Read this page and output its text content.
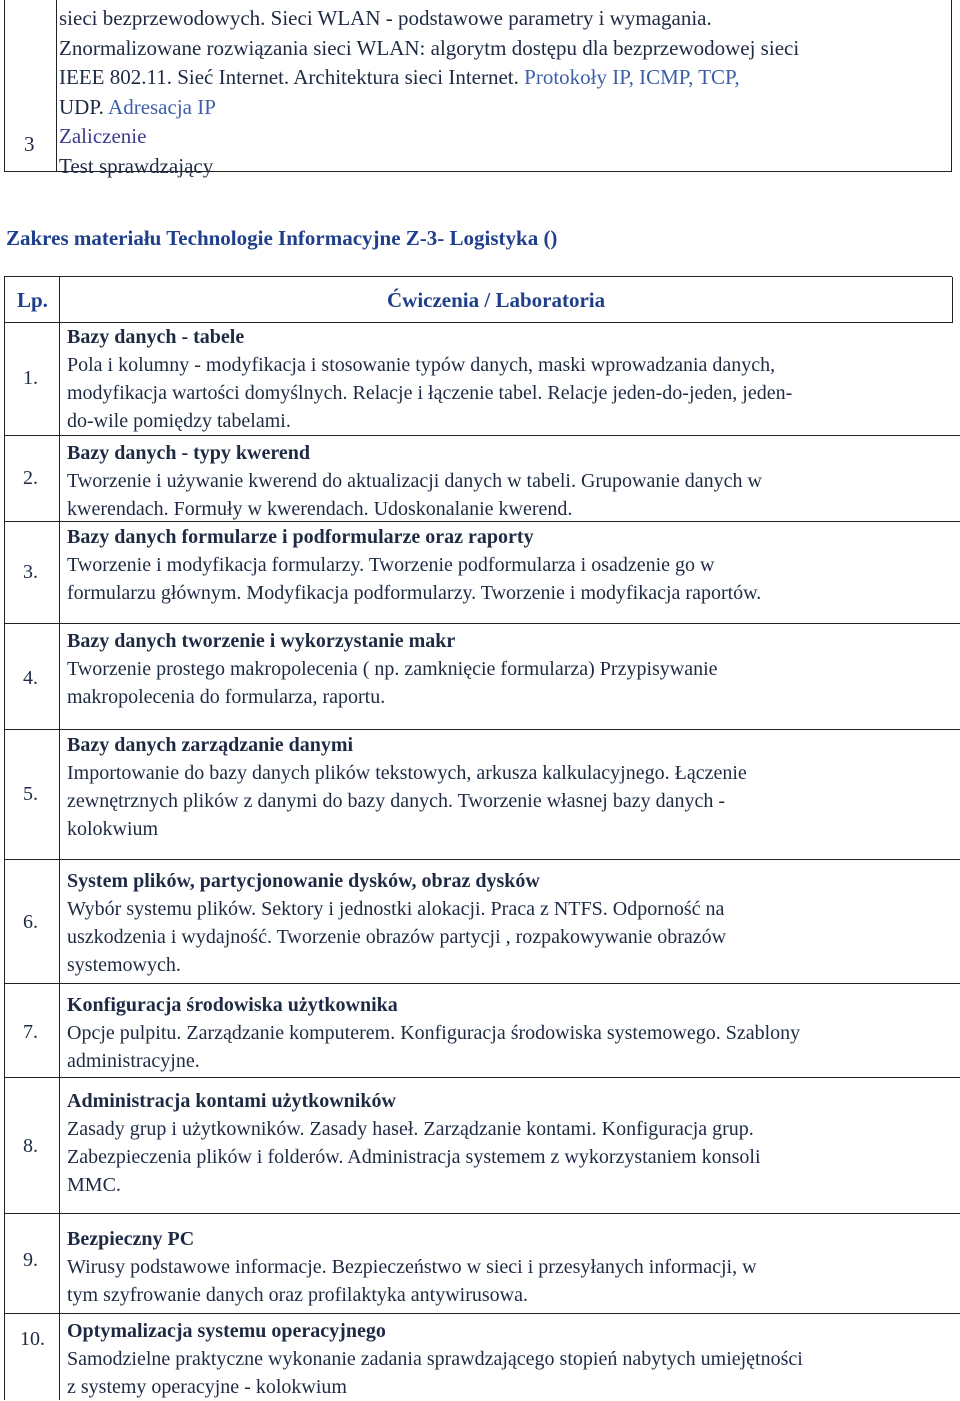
3
sieci bezprzewodowych. Sieci WLAN - podstawowe parametry i wymagania.
Znormalizowane rozwiązania sieci WLAN: algorytm dostępu dla bezprzewodowej sieci
IEEE 802.11. Sieć Internet. Architektura sieci Internet. Protokoły IP, ICMP, TCP,
UDP. Adresacja IP
Zaliczenie
Test sprawdzający
Zakres materiału Technologie Informacyjne Z-3- Logistyka ()
Lp.	Ćwiczenia / Laboratoria
1.
Bazy danych - tabele
Pola i kolumny - modyfikacja i stosowanie typów danych, maski wprowadzania danych,
modyfikacja wartości domyślnych. Relacje i łączenie tabel. Relacje jeden-do-jeden, jeden-
do-wile pomiędzy tabelami.
2.
Bazy danych - typy kwerend
Tworzenie i używanie kwerend do aktualizacji danych w tabeli. Grupowanie danych w
kwerendach. Formuły w kwerendach. Udoskonalanie kwerend.
3.
Bazy danych formularze i podformularze oraz raporty
Tworzenie i modyfikacja formularzy. Tworzenie podformularza i osadzenie go w
formularzu głównym. Modyfikacja podformularzy. Tworzenie i modyfikacja raportów.
4.
Bazy danych tworzenie i wykorzystanie makr
Tworzenie prostego makropolecenia ( np. zamknięcie formularza) Przypisywanie
makropolecenia do formularza, raportu.
5.
Bazy danych zarządzanie danymi
Importowanie do bazy danych plików tekstowych, arkusza kalkulacyjnego. Łączenie
zewnętrznych plików z danymi do bazy danych. Tworzenie własnej bazy danych -
kolokwium
6.
System plików, partycjonowanie dysków, obraz dysków
Wybór systemu plików. Sektory i jednostki alokacji. Praca z NTFS. Odporność na
uszkodzenia i wydajność. Tworzenie obrazów partycji , rozpakowywanie obrazów
systemowych.
7.
Konfiguracja środowiska użytkownika
Opcje pulpitu. Zarządzanie komputerem. Konfiguracja środowiska systemowego. Szablony
administracyjne.
8.
Administracja kontami użytkowników
Zasady grup i użytkowników. Zasady haseł. Zarządzanie kontami. Konfiguracja grup.
Zabezpieczenia plików i folderów. Administracja systemem z wykorzystaniem konsoli
MMC.
9.
Bezpieczny PC
Wirusy podstawowe informacje. Bezpieczeństwo w sieci i przesyłanych informacji, w
tym szyfrowanie danych oraz profilaktyka antywirusowa.
10. Optymalizacja systemu operacyjnego
Samodzielne praktyczne wykonanie zadania sprawdzającego stopień nabytych umiejętności
z systemy operacyjne - kolokwium
